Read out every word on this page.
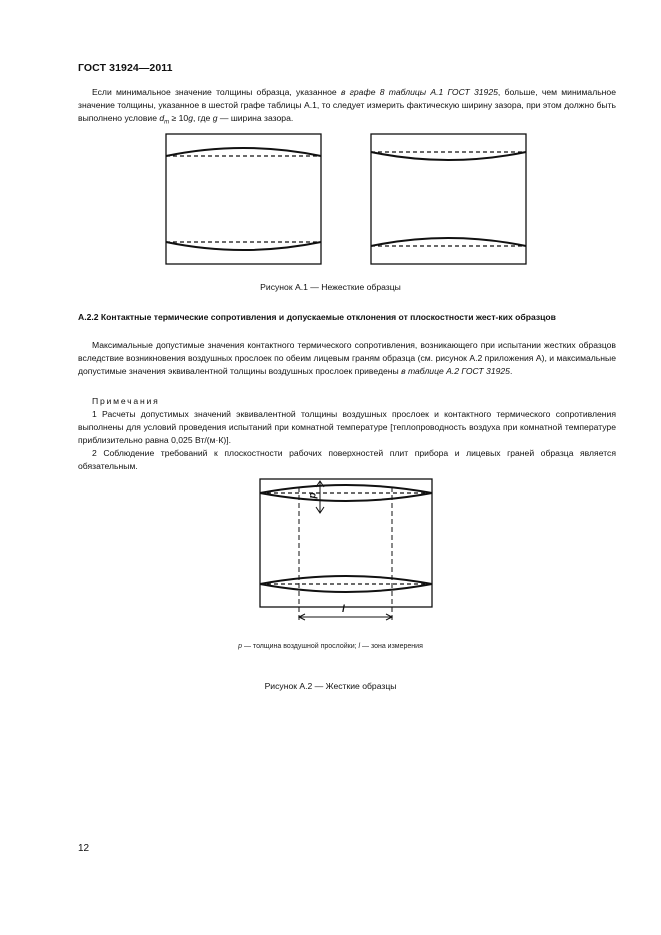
ГОСТ 31924—2011
Если минимальное значение толщины образца, указанное в графе 8 таблицы А.1 ГОСТ 31925, больше, чем минимальное значение толщины, указанное в шестой графе таблицы А.1, то следует измерить фактическую ширину зазора, при этом должно быть выполнено условие $d_m \ge 10g$, где g — ширина зазора.
Рисунок А.1 — Нежесткие образцы
А.2.2 Контактные термические сопротивления и допускаемые отклонения от плоскостности жест-ких образцов
Максимальные допустимые значения контактного термического сопротивления, возникающего при испытании жестких образцов вследствие возникновения воздушных прослоек по обеим лицевым граням образца (см. рисунок А.2 приложения А), и максимальные допустимые значения эквивалентной толщины воздушных прослоек приведены в таблице А.2 ГОСТ 31925.
Примечания
1 Расчеты допустимых значений эквивалентной толщины воздушных прослоек и контактного термического сопротивления выполнены для условий проведения испытаний при комнатной температуре [теплопроводность воздуха при комнатной температуре приблизительно равна 0,025 Вт/(м·К)].
2 Соблюдение требований к плоскостности рабочих поверхностей плит прибора и лицевых граней образца является обязательным.
p
l
p — толщина воздушной прослойки; l — зона измерения
Рисунок А.2 — Жесткие образцы
12
